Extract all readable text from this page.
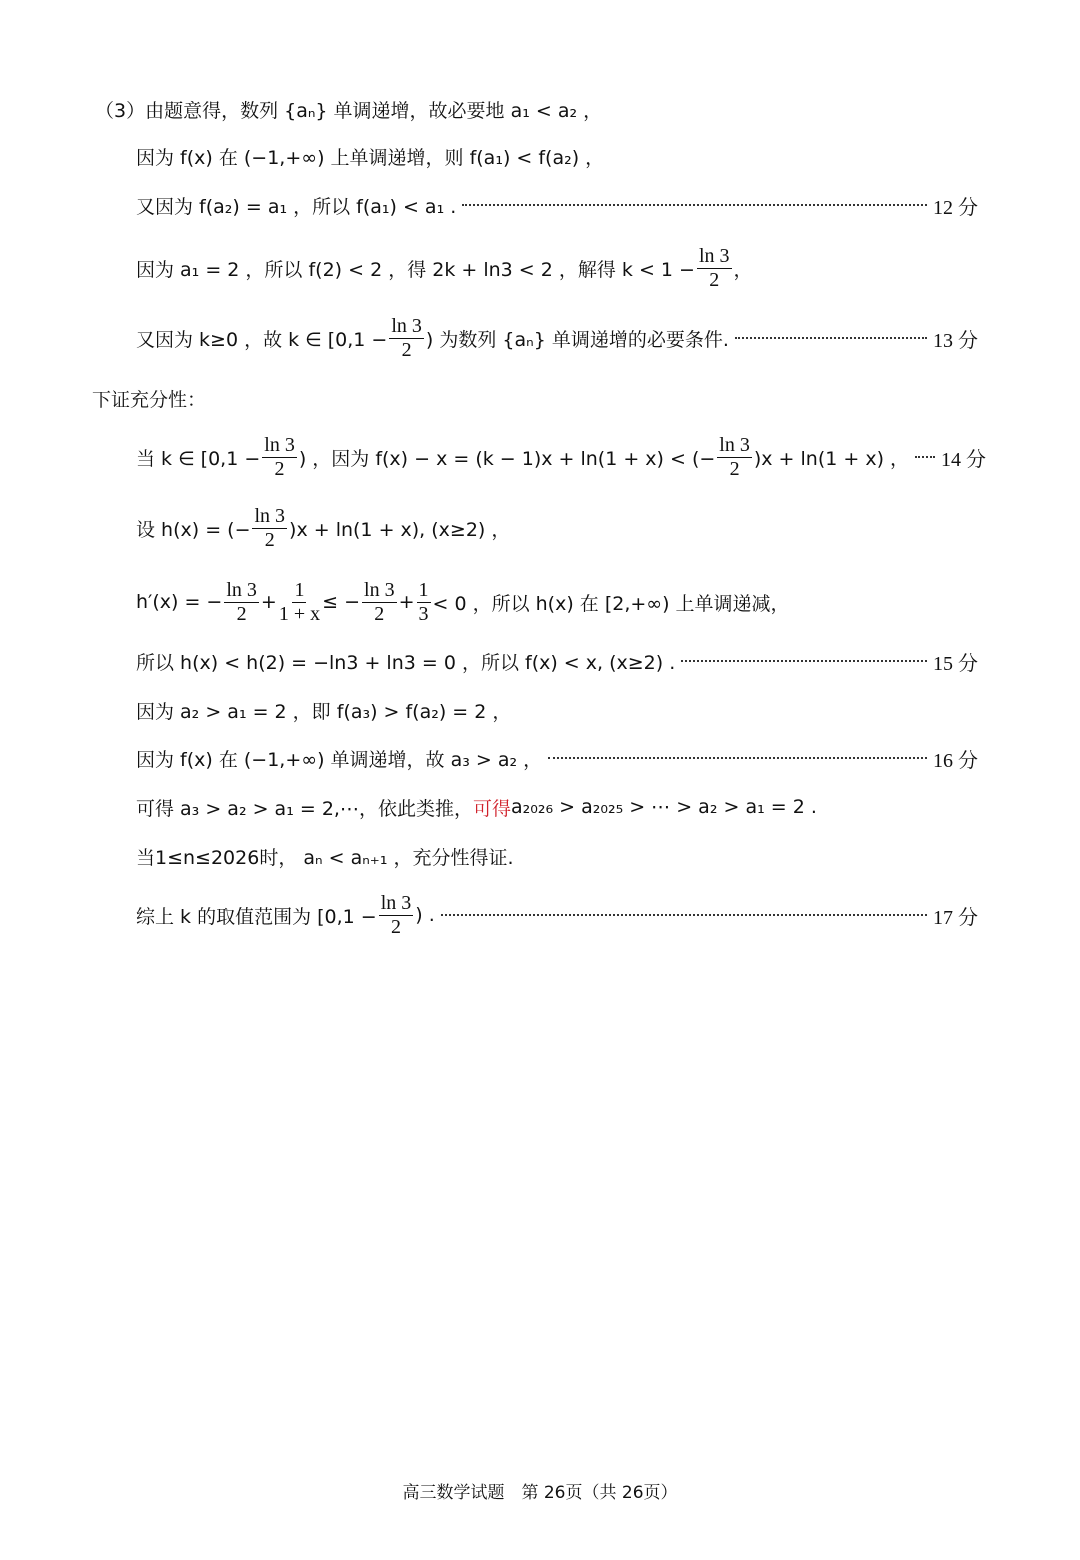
（3）由题意得，数列 {aₙ} 单调递增，故必要地 a₁ < a₂ ，
因为 f(x) 在 (−1,+∞) 上单调递增，则 f(a₁) < f(a₂) ，
又因为 f(a₂) = a₁ ，所以 f(a₁) < a₁ .	12 分
因为 a₁ = 2 ，所以 f(2) < 2 ，得 2k + ln3 < 2 ，解得 $k < 1 - \frac{\ln 3}{2}$ ，
又因为 k≥0 ，故 k ∈ [$0,1 - \frac{\ln 3}{2}$ ) 为数列 {aₙ} 单调递增的必要条件.	13 分
下证充分性：
当 k ∈ [$0,1 - \frac{\ln 3}{2}$ ) ，因为 f(x) − x = (k − 1)x + ln(1 + x) < (− $\frac{\ln 3}{2} )x + \ln(1 + x)$ ， 14 分
设 h(x) = (− $\frac{\ln 3}{2} )x + \ln(1 + x)$, (x≥2) ，
h′(x) = − $\frac{\ln 3}{2} + \frac{1}{1 + x}$ ≤ − $\frac{\ln 3}{2} + \frac{1}{3} < 0$ ，所以 h(x) 在 [2,+∞) 上单调递减，
所以 h(x) < h(2) = −ln3 + ln3 = 0 ，所以 f(x) < x, (x≥2) .	15 分
因为 a₂ > a₁ = 2 ，即 f(a₃) > f(a₂) = 2 ，
因为 f(x) 在 (−1,+∞) 单调递增，故 a₃ > a₂ ，	16 分
可得 a₃ > a₂ > a₁ = 2,⋯，依此类推， 可得 a₂₀₂₆ > a₂₀₂₅ > ⋯ > a₂ > a₁ = 2 .
当1≤n≤2026时， aₙ < aₙ₊₁ ，充分性得证.
综上 k 的取值范围为 [$0,1 - \frac{\ln 3}{2}$ ) .	17 分
高三数学试题　第 26页（共 26页）
